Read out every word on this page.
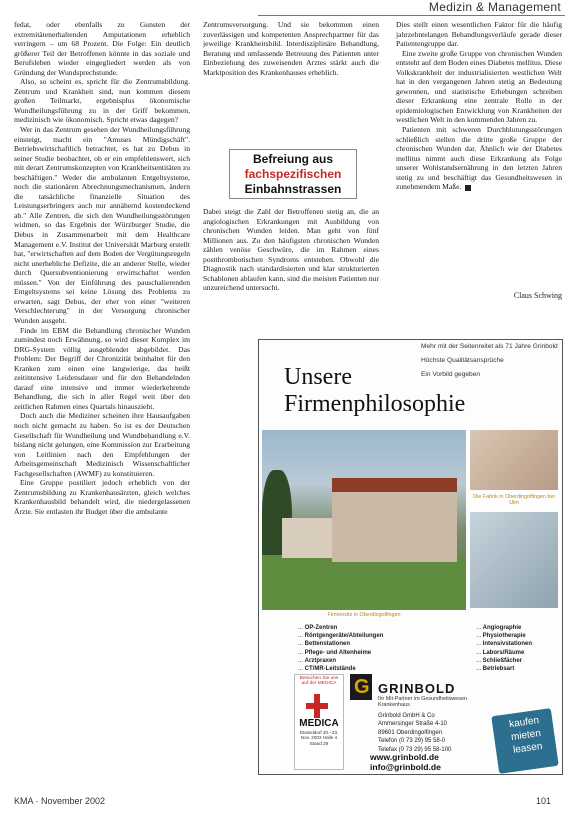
Medizin & Management

fedat, oder ebenfalls zu Gunsten der extremitätenerhaltenden Amputationen erheblich verringern – um 68 Prozent. Die Folge: Ein deutlich größerer Teil der Betroffenen könnte in das soziale und Berufsleben wieder eingegliedert werden als von Gründung der Wundsprechstunde.

Also, so scheint es, spricht für die Zentrumsbildung. Zentrum und Krankheit sind, nun kommen diesem großen Teilmarkt, ergebnisplus ökonomische Wundheilungsführung zu in der Griff bekommen, medizinisch wie ökonomisch. Spricht etwas dagegen?

Wer in das Zentrum gesehen der Wundheilungsführung einsteigt, macht ein "Amuses Mündigschäft". Betriebswirtschaftlich betrachtet, es hat zu Debus in seiner Studie beobachtet, ob er ein empfehlenswert, sich mit derart Zentrumskonzepten von Krankheitsentitäten zu beschäftigen." Weder die ambulanten Entgeltsysteme, noch die stationären Abrechnungsmechanismen, ändern die tatsächliche finanzielle Situation des Leistungserbringers auch nur annähernd kostendeckend ab." Alle Zentren, die sich den Wundheilungsstörungen widmen, so das Ergebnis der Würzburger Studie, die Debus in Zusammenarbeit mit dem Healthcare Management e.V. Institut der Universität Marburg erstellt hat, "erwirtschaften auf dem Boden der Vergütungsregeln nicht unerhebliche Defizite, die an anderer Stelle, wieder durch Quersubventionierung erwirtschaftet werden müssen." Von der Einführung des pauschalierenden Entgeltsystems sei keine Lösung des Problems zu erwarten, sagt Debus, der eher von einer "weiteren Verschlechterung" in der Versorgung chronischer Wunden ausgeht.

Finde im EBM die Behandlung chronischer Wunden zumindest noch Erwähnung, so wird dieser Komplex im DRG-System völlig ausgeblendet abgebildet. Das Problem: Der Begriff der Chronizität beinhaltet für den Kranken zum einen eine langwierige, das heißt zeitintensive Leidensdauer und für den Behandelnden darauf eine intensive und immer wiederkehrende Behandlung, die sich in aller Regel weit über den zeitlichen Rahmen eines Quartals hinauszieht.

Doch auch die Mediziner scheinen ihre Hausaufgaben noch nicht gemacht zu haben. So ist es der Deutschen Gesellschaft für Wundheilung und Wundbehandlung e.V. bislang nicht gelungen, eine Kommission zur Erarbeitung von Leitlinien nach den Empfehlungen der Arbeitsgemeinschaft Medizinisch Wissenschaftlicher Fachgesellschaften (AWMF) zu konstituieren.

Eine Gruppe postiliert jedoch erheblich von der Zentrumsbildung zu Krankenhausärzten, gleich welches Krankenhausbild behandelt wird, die niedergelassenen Ärzte. Sie entlasten ihr Budget über die ambulante

Zentrumsversorgung. Und sie bekommen einen zuverlässigen und kompetenten Ansprechpartner für das jeweilige Krankheitsbild. Interdisziplinäre Behandlung, Beratung und umfassende Betreuung des Patienten unter Einbeziehung des zuweisenden Arztes stärkt auch die Marktposition des Krankenhauses erheblich.

Befreiung aus
fachspezifischen
Einbahnstrassen

Dabei steigt die Zahl der Betroffenen stetig an, die an angiologischen Erkrankungen mit Ausbildung von chronischen Wunden leiden. Man geht von fünf Millionen aus. Zu den häufigsten chronischen Wunden zählen venöse Geschwüre, die im Rahmen eines postthrombotischen Syndroms entstehen. Obwohl die Diagnostik nach standardisierten und klar strukturierten Schablonen ablaufen kann, sind die meisten Patienten nur unzureichend untersucht.

Dies stellt einen wesentlichen Faktor für die häufig jahrzehntelangen Behandlungsverläufe gerade dieser Patientengruppe dar.

Eine zweite große Gruppe von chronischen Wunden entsteht auf dem Boden eines Diabetes mellitus. Diese Volkskrankheit der industrialisierten westlichen Welt hat in den vergangenen Jahren stetig an Bedeutung gewonnen, und statistische Erhebungen schreiben dieser Erkrankung eine zentrale Rolle in der epidemiologischen Entwicklung von Krankheiten der westlichen Welt in den kommenden Jahren zu.

Patienten mit schweren Durchblutungsstörungen schließlich stellen die dritte große Gruppe der chronischen Wunden dar. Ähnlich wie der Diabetes mellitus nimmt auch diese Erkrankung als Folge unserer Wohlstandsernährung in den letzten Jahren stetig zu und beschäftigt das Gesundheitswesen in zunehmendem Maße.

Claus Schwing
Unsere
Firmenphilosophie
Mehr mit der Seitenreitet als 71 Jahre Grinbold
Höchste Qualitätsansprüche
Ein Vorbild gegeben
Die Fabrik in Oberdingolfingen bei Ulm
Firmensitz in Oberdingolfingen
... OP-Zentren
... Röntgengeräte/Abteilungen
... Bettenstationen
... Pflege- und Altenheime
... Arztpraxen
... CT/MR-Leitstände
... Angiographie
... Physiotherapie
... Intensivstationen
... Labors/Räume
... Schließfächer
... Betriebsart
Besuchen Sie uns auf der MEDICA
MEDICA
Düsseldorf 20.–23. Nov. 2002 Halle 4 Stand 29
G GRINBOLD
Ihr Mit-Partner im Gesundheitswesen Krankenhaus
Grinbold GmbH & Co
Ammersinger Straße 4-10
89601 Oberdingolfingen
Telefon (0 73 29) 95 58-0
Telefax (0 73 29) 95 58-100
www.grinbold.de
info@grinbold.de
kaufen
mieten
leasen
KMA · November 2002	101
